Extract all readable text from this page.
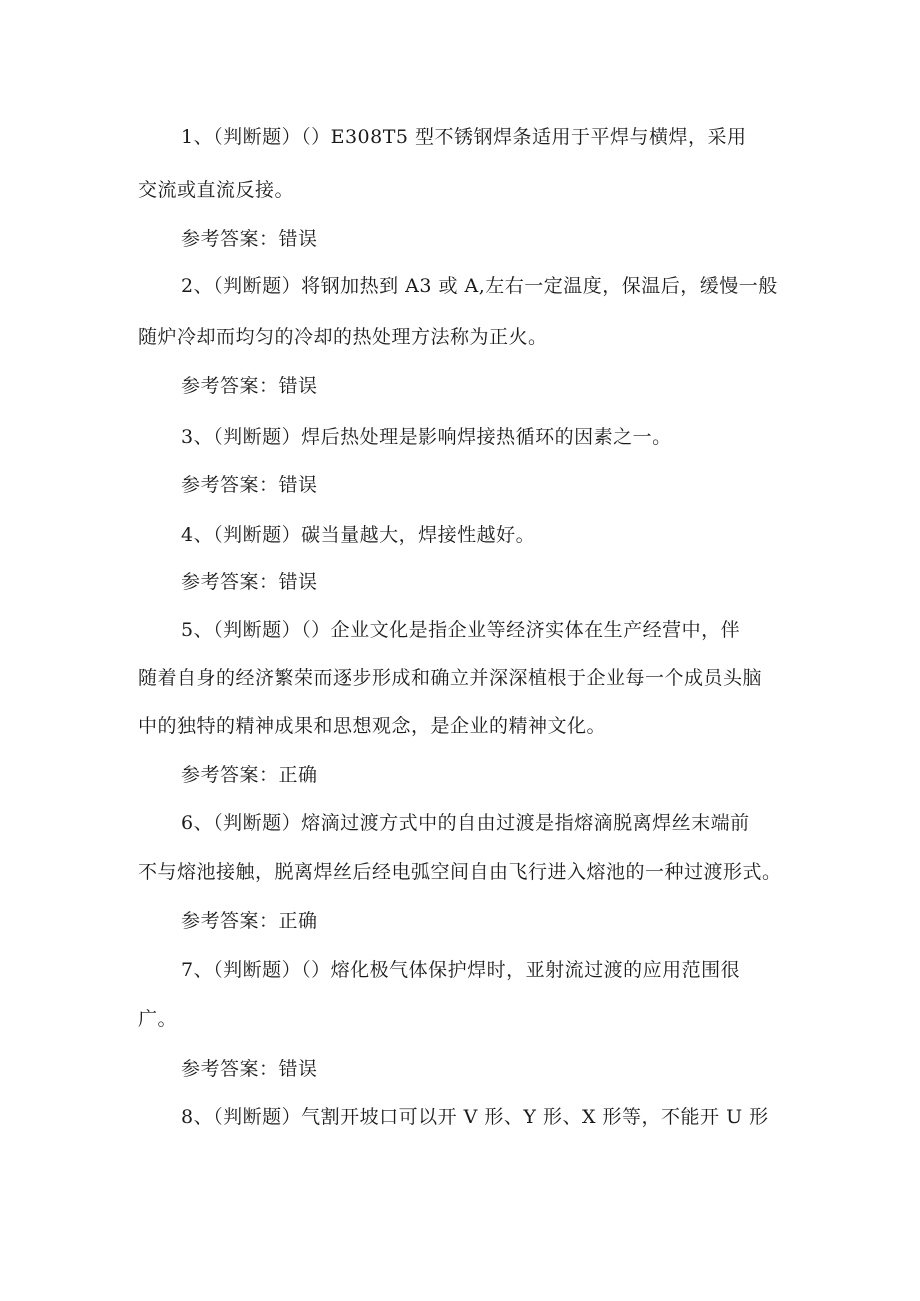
1、（判断题）（）E308T5 型不锈钢焊条适用于平焊与横焊，采用
交流或直流反接。
参考答案：错误
2、（判断题）将钢加热到 A3 或 A,左右一定温度，保温后，缓慢一般
随炉冷却而均匀的冷却的热处理方法称为正火。
参考答案：错误
3、（判断题）焊后热处理是影响焊接热循环的因素之一。
参考答案：错误
4、（判断题）碳当量越大，焊接性越好。
参考答案：错误
5、（判断题）（）企业文化是指企业等经济实体在生产经营中，伴
随着自身的经济繁荣而逐步形成和确立并深深植根于企业每一个成员头脑
中的独特的精神成果和思想观念，是企业的精神文化。
参考答案：正确
6、（判断题）熔滴过渡方式中的自由过渡是指熔滴脱离焊丝末端前
不与熔池接触，脱离焊丝后经电弧空间自由飞行进入熔池的一种过渡形式。
参考答案：正确
7、（判断题）（）熔化极气体保护焊时，亚射流过渡的应用范围很
广。
参考答案：错误
8、（判断题）气割开坡口可以开 V 形、Y 形、X 形等，不能开 U 形
